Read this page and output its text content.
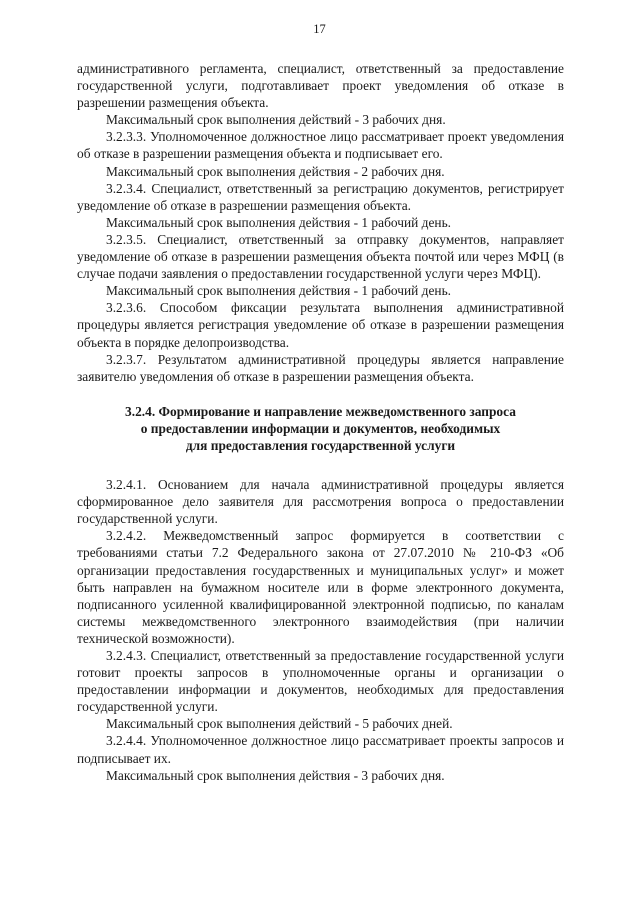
17

административного регламента, специалист, ответственный за предоставление государственной услуги, подготавливает проект уведомления об отказе в разрешении размещения объекта.

Максимальный срок выполнения действий - 3 рабочих дня.

3.2.3.3. Уполномоченное должностное лицо рассматривает проект уведомления об отказе в разрешении размещения объекта и подписывает его.

Максимальный срок выполнения действия - 2 рабочих дня.

3.2.3.4. Специалист, ответственный за регистрацию документов, регистрирует уведомление об отказе в разрешении размещения объекта.

Максимальный срок выполнения действия - 1 рабочий день.

3.2.3.5. Специалист, ответственный за отправку документов, направляет уведомление об отказе в разрешении размещения объекта почтой или через МФЦ (в случае подачи заявления о предоставлении государственной услуги через МФЦ).

Максимальный срок выполнения действия - 1 рабочий день.

3.2.3.6. Способом фиксации результата выполнения административной процедуры является регистрация уведомление об отказе в разрешении размещения объекта в порядке делопроизводства.

3.2.3.7. Результатом административной процедуры является направление заявителю уведомления об отказе в разрешении размещения объекта.

3.2.4. Формирование и направление межведомственного запроса
о предоставлении информации и документов, необходимых
для предоставления государственной услуги

3.2.4.1. Основанием для начала административной процедуры является сформированное дело заявителя для рассмотрения вопроса о предоставлении государственной услуги.

3.2.4.2. Межведомственный запрос формируется в соответствии с требованиями статьи 7.2 Федерального закона от 27.07.2010 № 210-ФЗ «Об организации предоставления государственных и муниципальных услуг» и может быть направлен на бумажном носителе или в форме электронного документа, подписанного усиленной квалифицированной электронной подписью, по каналам системы межведомственного электронного взаимодействия (при наличии технической возможности).

3.2.4.3. Специалист, ответственный за предоставление государственной услуги готовит проекты запросов в уполномоченные органы и организации о предоставлении информации и документов, необходимых для предоставления государственной услуги.

Максимальный срок выполнения действий - 5 рабочих дней.

3.2.4.4. Уполномоченное должностное лицо рассматривает проекты запросов и подписывает их.

Максимальный срок выполнения действия - 3 рабочих дня.
